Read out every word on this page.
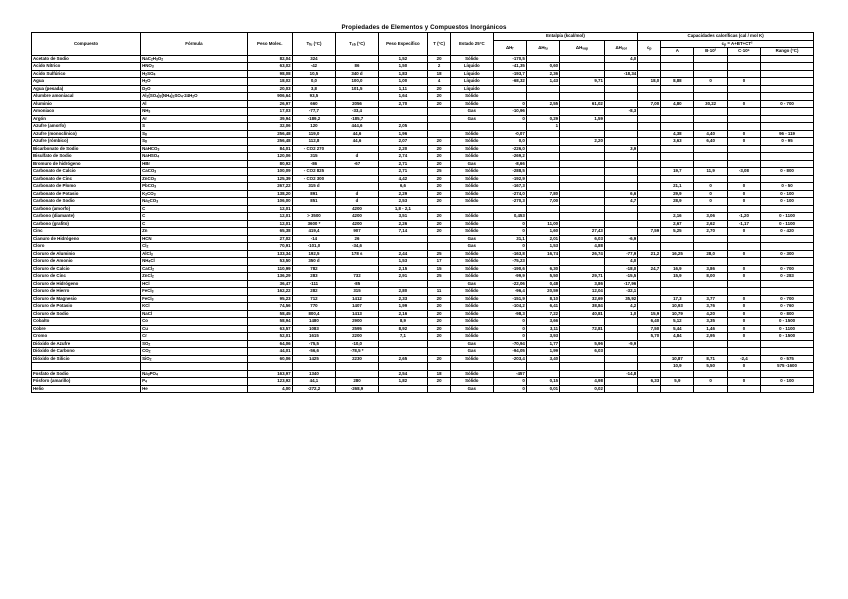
Propiedades de Elementos y Compuestos Inorgánicos
Compuesto	Fórmula	Peso Molec.	$T_{fu}$ (°C)	$T_{eb}$ (°C)	Peso Específico	T (°C)	Estado 25°C	Entalpía (kcal/mol)				Capacidades caloríficas (cal / mol K)				
								$\Delta H_f$	$\Delta H_{fu}$	$\Delta H_{vap}$	$\Delta H_{sol}$	$c_p$	$c_p = A+BT+CT^2$			
													A	B·10³	C·10⁶	Rango (°C)
Acetato de Sodio	$NaC_2H_3O_2$	82,04	324		1,52	20	Sólido	-170,5			4,0					
Acido Nítrico	$HNO_3$	63,02	-42	86	1,50	2	Líquido	-41,35	0,60							
Acido Sulfúrico	$H_2SO_4$	98,08	10,5	340 d	1,83	18	Líquido	-193,7	2,36		-18,34					
Agua	$H_2O$	18,02	0,0	100,0	1,00	4	Líquido	-68,32	1,43	9,71		18,0	8,88	0	0	
Agua (pesada)	$D_2O$	20,03	3,8	101,5	1,11	20	Líquido									
Alumbre amoniacal	$Al_2(SO_4)_3(NH_4)_2SO_4\cdot 24H_2O$	906,64	93,5		1,64	20	Sólido									
Aluminio	Al	26,97	660	2056	2,70	20	Sólido	0	2,55	61,02		7,00	4,80	30,22	0	0 - 700
Amoniaco	$NH_3$	17,03	-77,7	-33,4			Gas	-10,96			-8,3					
Argón	Ar	39,94	-189,2	-185,7			Gas	0	0,29	1,59						
Azufre (amorfo)	S	32,06	120	444,6	2,05				1							
Azufre (monoclínico)	$S_8$	256,48	119,0	44,6	1,96		Sólido	-0,07					4,38	4,40	0	96 - 119
Azufre (rómbico)	$S_8$	256,48	112,8	44,6	2,07	20	Sólido	0,0		2,20			3,63	6,40	0	0 - 95
Bicarbonato de Sodio	NaHCO$_3$	84,01	- CO2 270		2,20	20	Sólido	-226,0			3,9					
Bisulfato de Sodio	NaHSO$_4$	120,06	315	d	2,74	20	Sólido	-269,2								
Bromuro de hidrógeno	HBr	80,92	-86	-67	2,71	20	Gas	-8,66								
Carbonato de Calcio	CaCO$_3$	100,09	- CO2 825		2,71	25	Sólido	-288,5					19,7	11,9	-3,08	0 - 800
Carbonato de Cinc	ZnCO$_3$	125,39	- CO2 300		4,42	20	Sólido	-192,9								
Carbonato de Plomo	PbCO$_3$	267,22	315 d		6,6	20	Sólido	-167,3					21,1	0	0	0 - 50
Carbonato de Potasio	$K_2CO_3$	138,20	891	d	2,29	20	Sólido	-274,0	7,80		6,6		29,9	0	0	0 - 100
Carbonato de Sodio	$Na_2CO_3$	106,00	851	d	2,53	20	Sólido	-270,3	7,00		4,7		28,9	0	0	0 - 100
Carbono (amorfo)	C	12,01		4200	1,8 - 2,1											
Carbono (diamante)	C	12,01	> 3500	4200	3,51	20	Sólido	0,453					2,16	3,06	-1,20	0 - 1100
Carbono (grafito)	C	12,01	3600 *	4200	2,26	20	Sólido	0	11,00				2,67	2,62	-1,17	0 - 1100
Cinc	Zn	65,38	419,4	907	7,14	20	Sólido	0	1,60	27,43		7,59	5,25	2,70	0	0 - 420
Cianuro de Hidrógeno	HCN	27,02	-14	26			Gas	31,1	2,01	6,03	-6,9					
Cloro	$Cl_2$	70,91	-101,0	-34,6			Gas	0	1,53	4,88						
Cloruro de Aluminio	AlCl$_3$	133,34	192,5	178 s	2,44	25	Sólido	-163,8	16,74	26,74	-77,9	21,2	16,25	28,0	0	0 - 300
Cloruro de Amonio	$NH_4Cl$	53,50	350 d		1,53	17	Sólido	-75,23			4,0					
Cloruro de Calcio	CaCl$_2$	110,99	782		2,15	15	Sólido	-190,6	6,30		-18,0	24,7	16,9	3,86	0	0 - 700
Cloruro de Cinc	ZnCl$_2$	136,29	283	732	2,91	25	Sólido	-99,9	5,50	29,71	-15,5		15,9	8,00	0	0 - 283
Cloruro de Hidrógeno	HCl	36,47	-111	-85			Gas	-22,06	0,48	3,86	-17,96					
Cloruro de Hierro	FeCl$_3$	162,22	282	315	2,80	11	Sólido	-96,4	20,59	12,04	-32,1					
Cloruro de Magnesio	FeCl$_3$	95,23	712	1412	2,33	20	Sólido	-151,9	8,10	32,69	35,92		17,3	3,77	0	0 - 700
Cloruro de Potasio	KCl	74,56	770	1407	1,99	20	Sólido	-104,2	6,41	38,84	4,2		10,93	3,76	0	0 - 760
Cloruro de Sodio	NaCl	58,45	800,4	1413	2,16	20	Sólido	-98,3	7,22	40,81	1,0	15,9	10,79	4,20	0	0 - 800
Cobalto	Co	58,94	1480	2900	8,9	20	Sólido	0	3,66			6,40	5,12	3,35	0	0 - 1500
Cobre	Cu	63,57	1083	2595	8,92	20	Sólido	0	3,11	72,81		7,50	5,44	1,46	0	0 - 1100
Cromo	Cr	52,01	1615	2200	7,1	20	Sólido	0	3,93			5,70	4,84	2,95	0	0 - 1500
Dióxido de Azufre	$SO_2$	64,06	-75,5	-10,0			Gas	-70,94	1,77	5,96	-9,9					
Dióxido de Carbono	$CO_2$	44,01	-56,6	-78,5 *			Gas	-94,05	1,99	6,03						
Dióxido de Silicio	SiO$_2$	60,06	1425	2230	2,65	20	Sólido	-203,4	3,40				10,87	8,71	-2,4	0 - 575
													10,9	5,50	0	575 -1600
Fosfato de Sodio	$Na_3PO_4$	163,97	1340		2,54	18	Sólido	-457			-14,8					
Fósforo (amarillo)	$P_4$	123,92	44,1	280	1,82	20	Sólido	0	0,15	4,98		6,33	5,9	0	0	0 - 100
Helio	He	4,00	-272,2	-268,9			Gas	0	0,01	0,02						
